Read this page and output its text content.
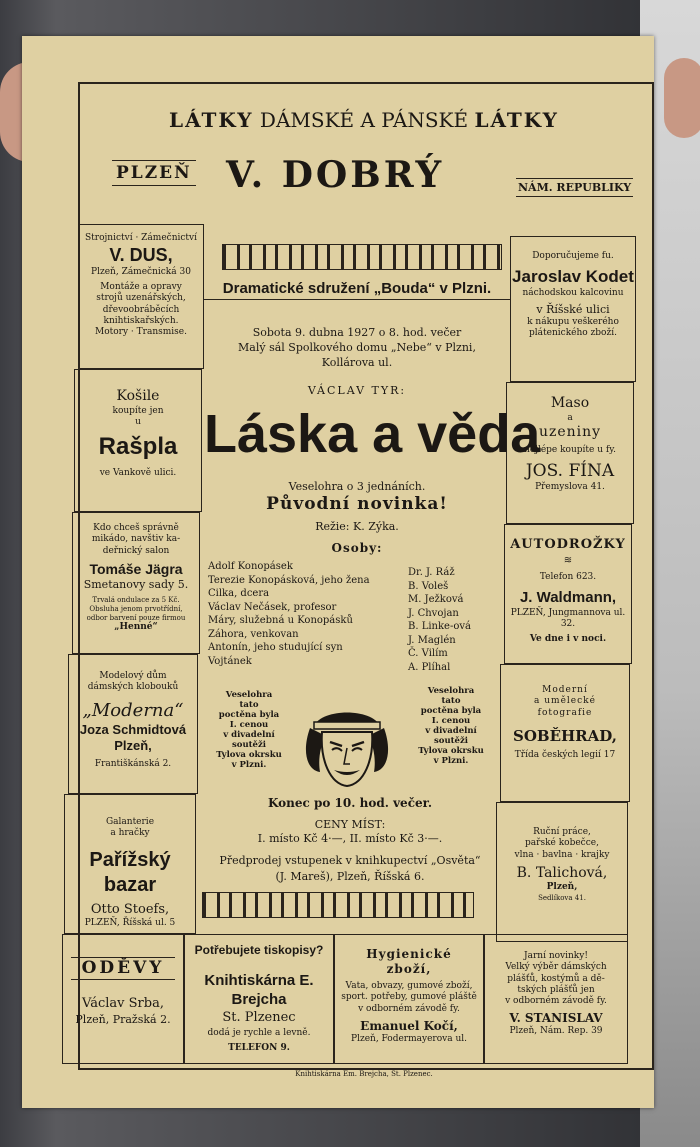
LÁTKY DÁMSKÉ A PÁNSKÉ LÁTKY
PLZEŇ V. DOBRÝ	NÁM. REPUBLIKY
Strojnictví · Zámečnictví
V. DUS,
Plzeň, Zámečnická 30
Montáže a opravy
strojů uzenářských,
dřevoobráběcích
knihtiskařských.
Motory · Transmise.
Košile
koupíte jen
u
Rašpla
ve Vankově ulici.
Kdo chceš správně
mikádo, navštiv ka-
deřnický salon
Tomáše Jägra
Smetanovy sady 5.
Trvalá ondulace za 5 Kč.
Obsluha jenom prvotřídní,
odbor barvení pouze firmou
„Henné“
Modelový dům
dámských klobouků
„Moderna“
Joza Schmidtová
Plzeň,
Františkánská 2.
Galanterie
a hračky
Pařížský bazar
Otto Stoefs,
PLZEŇ, Říšská ul. 5
Doporučujeme fu.
Jaroslav Kodet
náchodskou kalcovinu
v Říšské ulici
k nákupu veškerého
plátenického zboží.
Maso
a
uzeniny
nejlépe koupíte u fy.
JOS. FÍNA
Přemyslova 41.
AUTODROŽKY
≋
Telefon 623.
J. Waldmann,
PLZEŇ, Jungmannova ul. 32.
Ve dne i v noci.
Moderní
a umělecké
fotografie
SOBĚHRAD,
Třída českých legií 17
Ruční práce,
pařské kobečce,
vlna · bavlna · krajky
B. Talichová,
Plzeň,
Sedlíkova 41.
ODĚVY
Václav Srba,
Plzeň, Pražská 2.
Potřebujete tiskopisy?
Knihtiskárna E. Brejcha
St. Plzenec
dodá je rychle a levně.
TELEFON 9.
Hygienické
zboží,
Vata, obvazy, gumové zboží,
sport. potřeby, gumové pláště
v odborném závodě fy.
Emanuel Kočí,
Plzeň, Fodermayerova ul.
Jarní novinky!
Velký výběr dámských
plášťů, kostýmů a dě-
tských plášťů jen
v odborném závodě fy.
V. STANISLAV
Plzeň, Nám. Rep. 39
Dramatické sdružení „Bouda“ v Plzni.
Sobota 9. dubna 1927 o 8. hod. večer
Malý sál Spolkového domu „Nebe“ v Plzni,
Kollárova ul.
VÁCLAV TYR:
Láska a věda
Veselohra o 3 jednáních.
Původní novinka!
Režie: K. Zýka.
Osoby:
Adolf Konopásek
Terezie Konopásková, jeho žena
Cilka, dcera
Václav Nečásek, profesor
Máry, služebná u Konopásků
Záhora, venkovan
Antonín, jeho studující syn
Vojtánek
Dr. J. Ráž
B. Voleš
M. Ježková
J. Chvojan
B. Linke-ová
J. Maglén
Č. Vilím
A. Plíhal
Veselohra
tato
poctěna byla
I. cenou
v divadelní
soutěži
Tylova okrsku
v Plzni.
Veselohra
tato
poctěna byla
I. cenou
v divadelní
soutěži
Tylova okrsku
v Plzni.
Konec po 10. hod. večer.
CENY MÍST:
I. místo Kč 4·—, II. místo Kč 3·—.
Předprodej vstupenek v knihkupectví „Osvěta“
(J. Mareš), Plzeň, Říšská 6.
Knihtiskárna Em. Brejcha, St. Plzenec.
